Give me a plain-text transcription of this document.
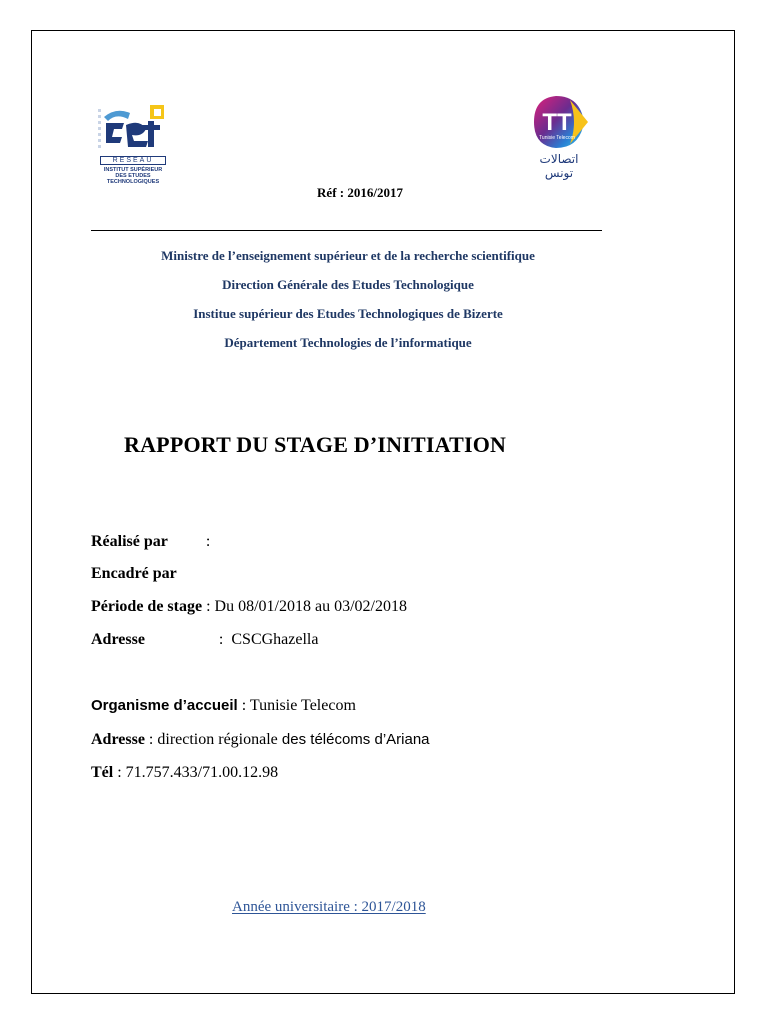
RESEAU
INSTITUT SUPÉRIEUR
DES ETUDES
TECHNOLOGIQUES
TT
Tunisie Telecom
اتصالات تونس
Réf : 2016/2017
Ministre de l’enseignement supérieur et de la recherche scientifique
Direction Générale des Etudes Technologique
Institue supérieur des Etudes Technologiques de Bizerte
Département Technologies de l’informatique
RAPPORT DU STAGE D’INITIATION
Réalisé par :
Encadré par
Période de stage : Du 08/01/2018 au 03/02/2018
Adresse	:  CSCGhazella
Organisme d’accueil : Tunisie Telecom
Adresse : direction régionale des télécoms d’Ariana
Tél : 71.757.433/71.00.12.98
Année universitaire : 2017/2018
